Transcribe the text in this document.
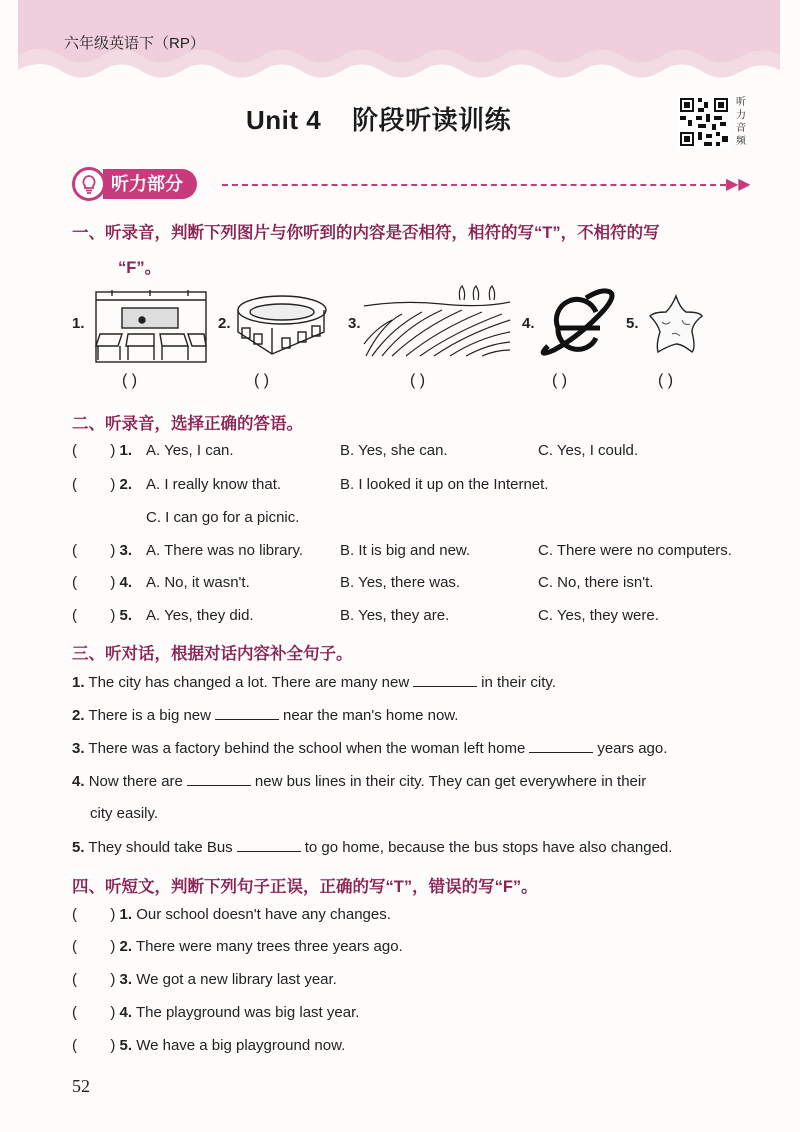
六年级英语下（RP）
Unit 4    阶段听读训练
听力音频
听力部分	▶▶
一、听录音，判断下列图片与你听到的内容是否相符，相符的写“T”，不相符的写
“F”。
1.
( )
2.
( )
3.
( )
4.
( )
5.
( )
二、听录音，选择正确的答语。
(        ) 1. A. Yes, I can.	B. Yes, she can.	C. Yes, I could.
(        ) 2. A. I really know that.	B. I looked it up on the Internet.
C. I can go for a picnic.
(        ) 3. A. There was no library. B. It is big and new.	C. There were no computers.
(        ) 4. A. No, it wasn't.	B. Yes, there was.	C. No, there isn't.
(        ) 5. A. Yes, they did.	B. Yes, they are.	C. Yes, they were.
三、听对话，根据对话内容补全句子。
1. The city has changed a lot. There are many new	in their city.
2. There is a big new	near the man's home now.
3. There was a factory behind the school when the woman left home	years ago.
4. Now there are	new bus lines in their city. They can get everywhere in their
city easily.
5. They should take Bus	to go home, because the bus stops have also changed.
四、听短文，判断下列句子正误，正确的写“T”，错误的写“F”。
(        ) 1. Our school doesn't have any changes.
(        ) 2. There were many trees three years ago.
(        ) 3. We got a new library last year.
(        ) 4. The playground was big last year.
(        ) 5. We have a big playground now.
52
